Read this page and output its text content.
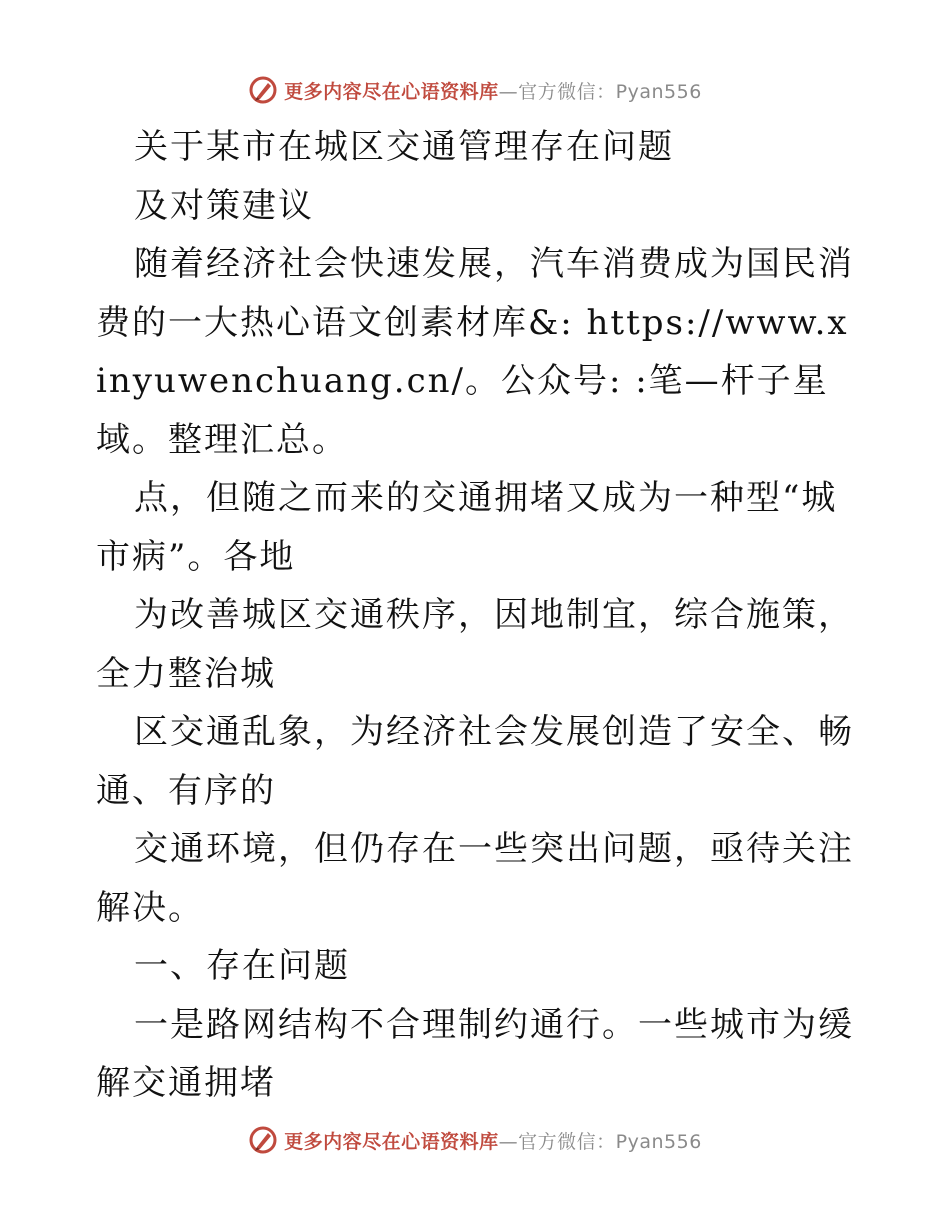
更多内容尽在心语资料库—官方微信：Pyan556

关于某市在城区交通管理存在问题

及对策建议

随着经济社会快速发展，汽车消费成为国民消费的一大热心语文创素材库&: https://www.xinyuwenchuang.cn/。公众号: :笔—杆子星域。整理汇总。

点，但随之而来的交通拥堵又成为一种型“城市病”。各地

为改善城区交通秩序，因地制宜，综合施策，全力整治城

区交通乱象，为经济社会发展创造了安全、畅通、有序的

交通环境，但仍存在一些突出问题，亟待关注解决。

一、存在问题

一是路网结构不合理制约通行。一些城市为缓解交通拥堵

更多内容尽在心语资料库—官方微信：Pyan556
